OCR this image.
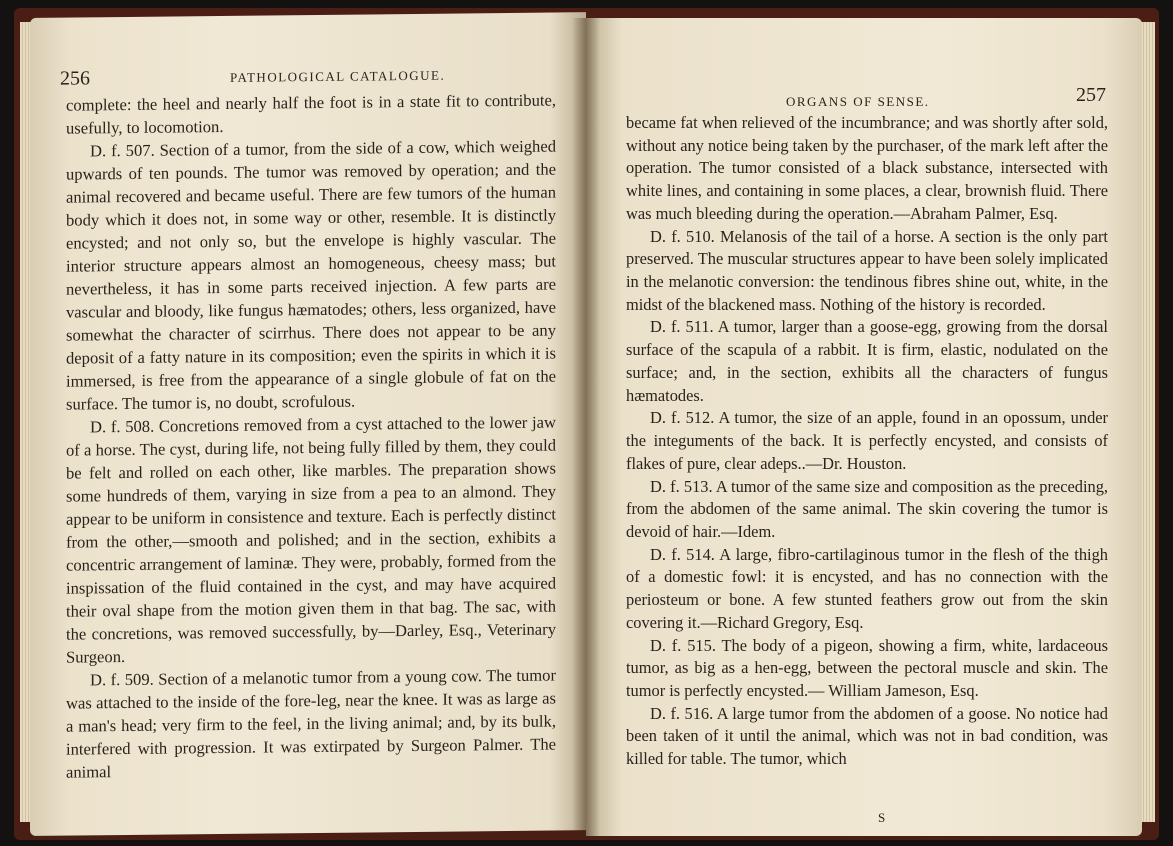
256	PATHOLOGICAL CATALOGUE.

complete: the heel and nearly half the foot is in a state fit to contribute, usefully, to locomotion.

D. f. 507. Section of a tumor, from the side of a cow, which weighed upwards of ten pounds. The tumor was removed by operation; and the animal recovered and became useful. There are few tumors of the human body which it does not, in some way or other, resemble. It is distinctly encysted; and not only so, but the envelope is highly vascular. The interior structure appears almost an homogeneous, cheesy mass; but nevertheless, it has in some parts received injection. A few parts are vascular and bloody, like fungus hæmatodes; others, less organized, have somewhat the character of scirrhus. There does not appear to be any deposit of a fatty nature in its composition; even the spirits in which it is immersed, is free from the appearance of a single globule of fat on the surface. The tumor is, no doubt, scrofulous.

D. f. 508. Concretions removed from a cyst attached to the lower jaw of a horse. The cyst, during life, not being fully filled by them, they could be felt and rolled on each other, like marbles. The preparation shows some hundreds of them, varying in size from a pea to an almond. They appear to be uniform in consistence and texture. Each is perfectly distinct from the other,—smooth and polished; and in the section, exhibits a concentric arrangement of laminæ. They were, probably, formed from the inspissation of the fluid contained in the cyst, and may have acquired their oval shape from the motion given them in that bag. The sac, with the concretions, was removed successfully, by—Darley, Esq., Veterinary Surgeon.

D. f. 509. Section of a melanotic tumor from a young cow. The tumor was attached to the inside of the fore-leg, near the knee. It was as large as a man's head; very firm to the feel, in the living animal; and, by its bulk, interfered with progression. It was extirpated by Surgeon Palmer. The animal

ORGANS OF SENSE.	257

became fat when relieved of the incumbrance; and was shortly after sold, without any notice being taken by the purchaser, of the mark left after the operation. The tumor consisted of a black substance, intersected with white lines, and containing in some places, a clear, brownish fluid. There was much bleeding during the operation.—Abraham Palmer, Esq.

D. f. 510. Melanosis of the tail of a horse. A section is the only part preserved. The muscular structures appear to have been solely implicated in the melanotic conversion: the tendinous fibres shine out, white, in the midst of the blackened mass. Nothing of the history is recorded.

D. f. 511. A tumor, larger than a goose-egg, growing from the dorsal surface of the scapula of a rabbit. It is firm, elastic, nodulated on the surface; and, in the section, exhibits all the characters of fungus hæmatodes.

D. f. 512. A tumor, the size of an apple, found in an opossum, under the integuments of the back. It is perfectly encysted, and consists of flakes of pure, clear adeps..—Dr. Houston.

D. f. 513. A tumor of the same size and composition as the preceding, from the abdomen of the same animal. The skin covering the tumor is devoid of hair.—Idem.

D. f. 514. A large, fibro-cartilaginous tumor in the flesh of the thigh of a domestic fowl: it is encysted, and has no connection with the periosteum or bone. A few stunted feathers grow out from the skin covering it.—Richard Gregory, Esq.

D. f. 515. The body of a pigeon, showing a firm, white, lardaceous tumor, as big as a hen-egg, between the pectoral muscle and skin. The tumor is perfectly encysted.— William Jameson, Esq.

D. f. 516. A large tumor from the abdomen of a goose. No notice had been taken of it until the animal, which was not in bad condition, was killed for table. The tumor, which

S
